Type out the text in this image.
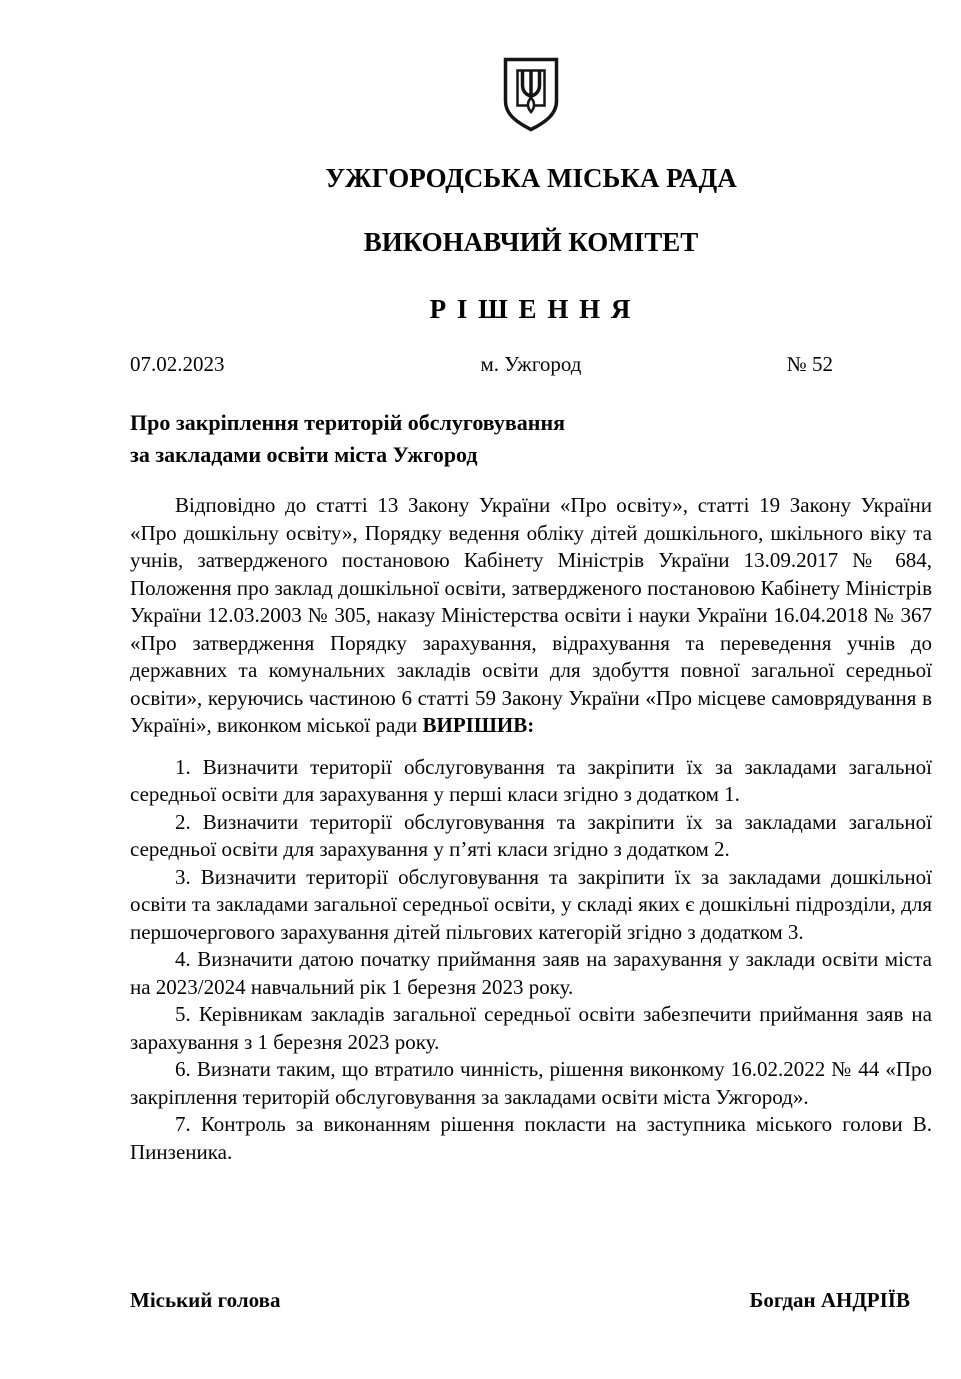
УЖГОРОДСЬКА МІСЬКА РАДА
ВИКОНАВЧИЙ КОМІТЕТ
Р І Ш Е Н Н Я
07.02.2023	м. Ужгород	№ 52
Про закріплення територій обслуговування
за закладами освіти міста Ужгород

Відповідно до статті 13 Закону України «Про освіту», статті 19 Закону України «Про дошкільну освіту», Порядку ведення обліку дітей дошкільного, шкільного віку та учнів, затвердженого постановою Кабінету Міністрів України 13.09.2017 № 684, Положення про заклад дошкільної освіти, затвердженого постановою Кабінету Міністрів України 12.03.2003 № 305, наказу Міністерства освіти і науки України 16.04.2018 № 367 «Про затвердження Порядку зарахування, відрахування та переведення учнів до державних та комунальних закладів освіти для здобуття повної загальної середньої освіти», керуючись частиною 6 статті 59 Закону України «Про місцеве самоврядування в Україні», виконком міської ради ВИРІШИВ:

1. Визначити території обслуговування та закріпити їх за закладами загальної середньої освіти для зарахування у перші класи згідно з додатком 1.

2. Визначити території обслуговування та закріпити їх за закладами загальної середньої освіти для зарахування у п’яті класи згідно з додатком 2.

3. Визначити території обслуговування та закріпити їх за закладами дошкільної освіти та закладами загальної середньої освіти, у складі яких є дошкільні підрозділи, для першочергового зарахування дітей пільгових категорій згідно з додатком 3.

4. Визначити датою початку приймання заяв на зарахування у заклади освіти міста на 2023/2024 навчальний рік 1 березня 2023 року.

5. Керівникам закладів загальної середньої освіти забезпечити приймання заяв на зарахування з 1 березня 2023 року.

6. Визнати таким, що втратило чинність, рішення виконкому 16.02.2022 № 44 «Про закріплення територій обслуговування за закладами освіти міста Ужгород».

7. Контроль за виконанням рішення покласти на заступника міського голови В. Пинзеника.

Міський голова	Богдан АНДРІЇВ
